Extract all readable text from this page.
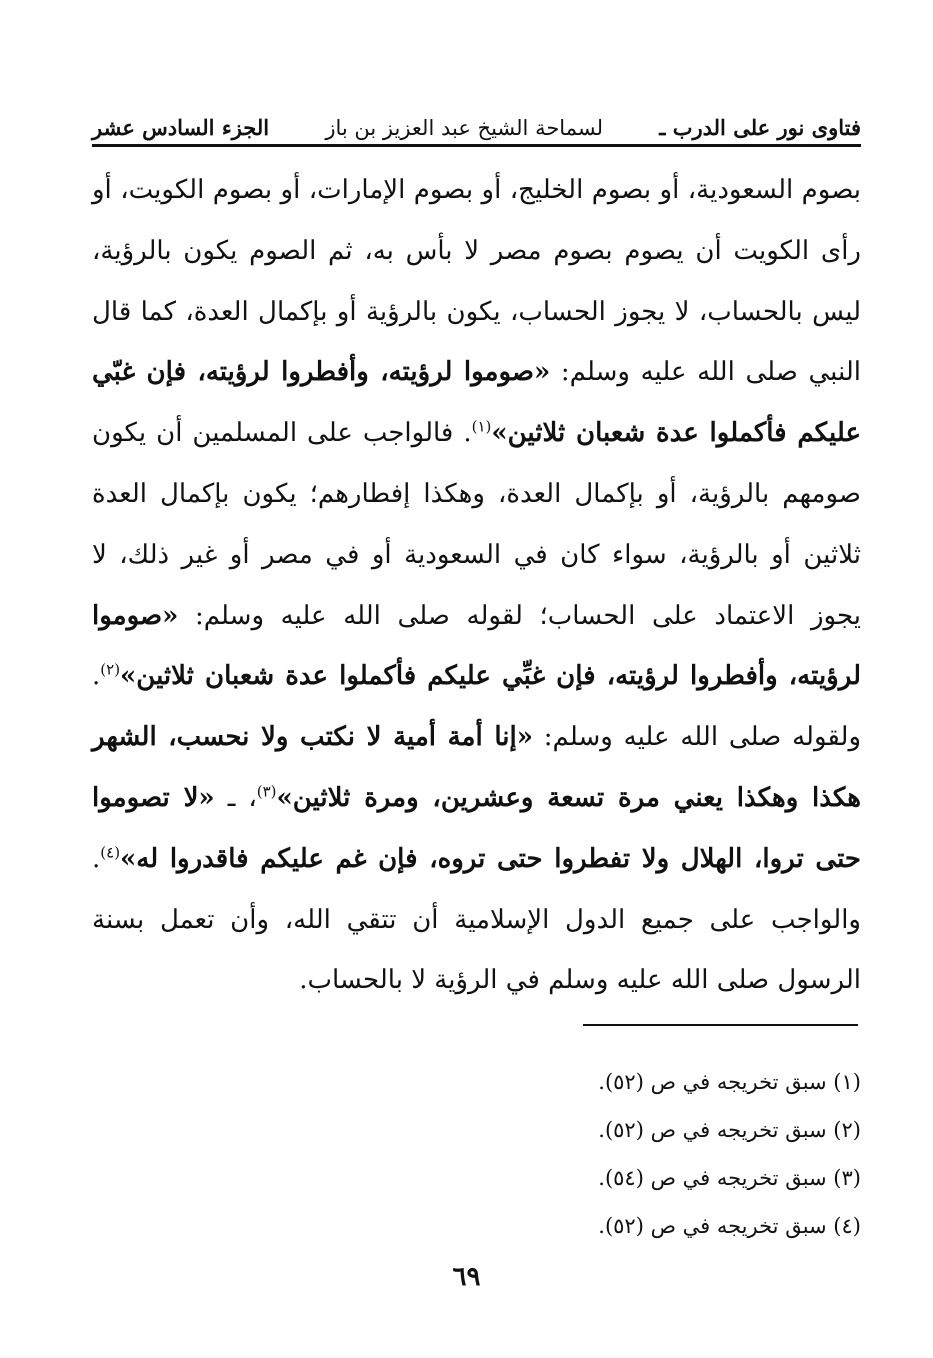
فتاوى نور على الدرب ـ
لسماحة الشيخ عبد العزيز بن باز
الجزء السادس عشر
بصوم السعودية، أو بصوم الخليج، أو بصوم الإمارات، أو بصوم الكويت، أو رأى الكويت أن يصوم بصوم مصر لا بأس به، ثم الصوم يكون بالرؤية، ليس بالحساب، لا يجوز الحساب، يكون بالرؤية أو بإكمال العدة، كما قال النبي صلى الله عليه وسلم: «صوموا لرؤيته، وأفطروا لرؤيته، فإن غبّي عليكم فأكملوا عدة شعبان ثلاثين»$^{(١)}$. فالواجب على المسلمين أن يكون صومهم بالرؤية، أو بإكمال العدة، وهكذا إفطارهم؛ يكون بإكمال العدة ثلاثين أو بالرؤية، سواء كان في السعودية أو في مصر أو غير ذلك، لا يجوز الاعتماد على الحساب؛ لقوله صلى الله عليه وسلم: «صوموا لرؤيته، وأفطروا لرؤيته، فإن غبِّي عليكم فأكملوا عدة شعبان ثلاثين»$^{(٢)}$. ولقوله صلى الله عليه وسلم: «إنا أمة أمية لا نكتب ولا نحسب، الشهر هكذا وهكذا يعني مرة تسعة وعشرين، ومرة ثلاثين»$^{(٣)}$، ـ «لا تصوموا حتى تروا، الهلال ولا تفطروا حتى تروه، فإن غم عليكم فاقدروا له»$^{(٤)}$. والواجب على جميع الدول الإسلامية أن تتقي الله، وأن تعمل بسنة الرسول صلى الله عليه وسلم في الرؤية لا بالحساب.
(١) سبق تخريجه في ص (٥٢).
(٢) سبق تخريجه في ص (٥٢).
(٣) سبق تخريجه في ص (٥٤).
(٤) سبق تخريجه في ص (٥٢).
٦٩
